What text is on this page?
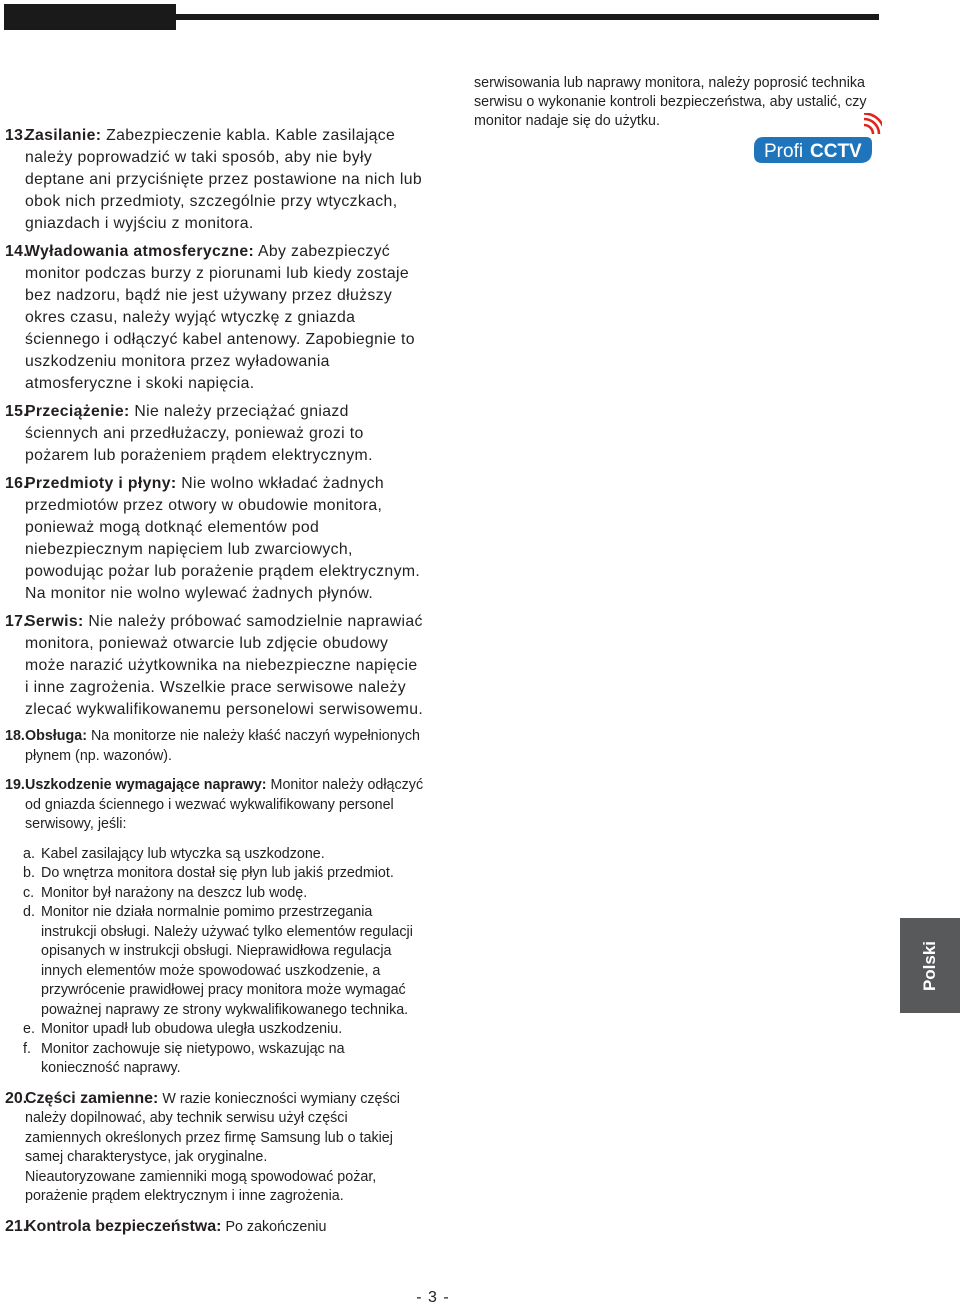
13.
Zasilanie: Zabezpieczenie kabla. Kable zasilające należy poprowadzić w taki sposób, aby nie były deptane ani przyciśnięte przez postawione na nich lub obok nich przedmioty, szczególnie przy wtyczkach, gniazdach i wyjściu z monitora.
14.
Wyładowania atmosferyczne: Aby zabezpieczyć monitor podczas burzy z piorunami lub kiedy zostaje bez nadzoru, bądź nie jest używany przez dłuższy okres czasu, należy wyjąć wtyczkę z gniazda ściennego i odłączyć kabel antenowy. Zapobiegnie to uszkodzeniu monitora przez wyładowania atmosferyczne i skoki napięcia.
15.
Przeciążenie: Nie należy przeciążać gniazd ściennych ani przedłużaczy, ponieważ grozi to pożarem lub porażeniem prądem elektrycznym.
16.
Przedmioty i płyny: Nie wolno wkładać żadnych przedmiotów przez otwory w obudowie monitora, ponieważ mogą dotknąć elementów pod niebezpiecznym napięciem lub zwarciowych, powodując pożar lub porażenie prądem elektrycznym. Na monitor nie wolno wylewać żadnych płynów.
17.
Serwis: Nie należy próbować samodzielnie naprawiać monitora, ponieważ otwarcie lub zdjęcie obudowy może narazić użytkownika na niebezpieczne napięcie i inne zagrożenia. Wszelkie prace serwisowe należy zlecać wykwalifikowanemu personelowi serwisowemu.
18. Obsługa: Na monitorze nie należy kłaść naczyń wypełnionych płynem (np. wazonów).
19. Uszkodzenie wymagające naprawy: Monitor należy odłączyć od gniazda ściennego i wezwać wykwalifikowany personel serwisowy, jeśli:
a. Kabel zasilający lub wtyczka są uszkodzone.
b. Do wnętrza monitora dostał się płyn lub jakiś przedmiot.
c. Monitor był narażony na deszcz lub wodę.
d. Monitor nie działa normalnie pomimo przestrzegania instrukcji obsługi. Należy używać tylko elementów regulacji opisanych w instrukcji obsługi. Nieprawidłowa regulacja innych elementów może spowodować uszkodzenie, a przywrócenie prawidłowej pracy monitora może wymagać poważnej naprawy ze strony wykwalifikowanego technika.
e. Monitor upadł lub obudowa uległa uszkodzeniu.
f. Monitor zachowuje się nietypowo, wskazując na konieczność naprawy.
20.
Części zamienne: W razie konieczności wymiany części należy dopilnować, aby technik serwisu użył części zamiennych określonych przez firmę Samsung lub o takiej samej charakterystyce, jak oryginalne.
Nieautoryzowane zamienniki mogą spowodować pożar, porażenie prądem elektrycznym i inne zagrożenia.
21.
Kontrola bezpieczeństwa: Po zakończeniu
serwisowania lub naprawy monitora, należy poprosić technika serwisu o wykonanie kontroli bezpieczeństwa, aby ustalić, czy monitor nadaje się do użytku.
Profi CCTV
Polski
- 3 -
